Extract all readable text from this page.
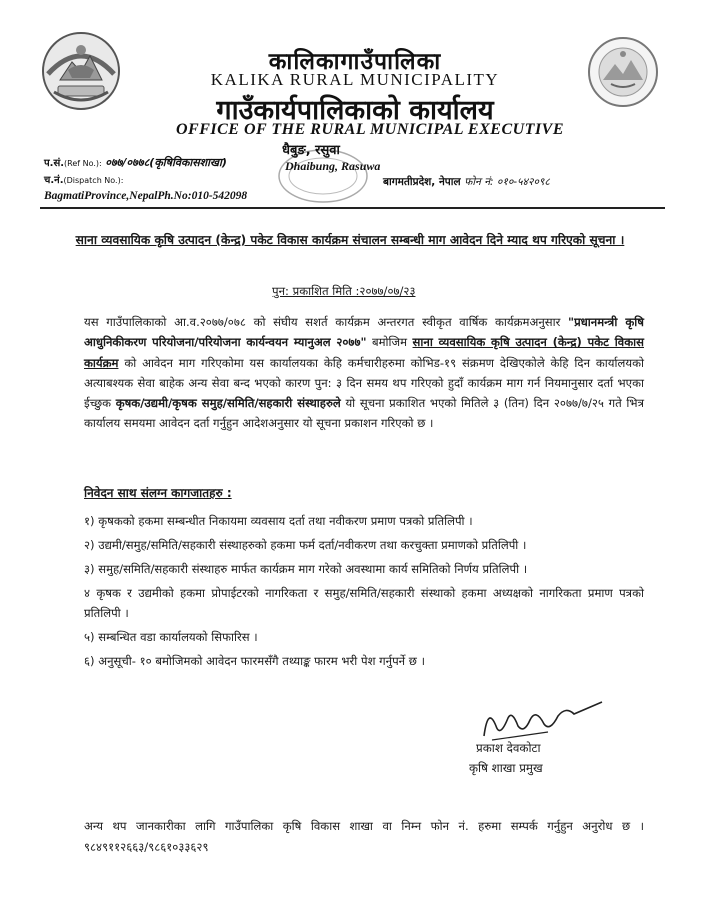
कालिकागाउँपालिका
KALIKA RURAL MUNICIPALITY
गाउँकार्यपालिकाको कार्यालय
OFFICE OF THE RURAL MUNICIPAL EXECUTIVE
धैबुङ, रसुवा
Dhaibung, Rasuwa
प.सं.(Ref No.): ०७७/०७७८(कृषिविकासशाखा)
च.नं.(Dispatch No.):	बागमतीप्रदेश, नेपाल फोन नं: ०१०-५४२०९८
BagmatiProvince,NepalPh.No:010-542098
साना व्यवसायिक कृषि उत्पादन (केन्द्र) पकेट विकास कार्यक्रम संचालन सम्बन्धी माग आवेदन दिने म्याद थप गरिएको सूचना ।
पुन: प्रकाशित मिति :२०७७/०७/२३
यस गाउँपालिकाको आ.व.२०७७/०७८ को संघीय सशर्त कार्यक्रम अन्तरगत स्वीकृत वार्षिक कार्यक्रमअनुसार "प्रधानमन्त्री कृषि आधुनिकीकरण परियोजना/परियोजना कार्यन्वयन म्यानुअल २०७७" बमोजिम साना व्यवसायिक कृषि उत्पादन (केन्द्र) पकेट विकास कार्यक्रम को आवेदन माग गरिएकोमा यस कार्यालयका केहि कर्मचारीहरुमा कोभिड-१९ संक्रमण देखिएकोले केहि दिन कार्यालयको अत्याबश्यक सेवा बाहेक अन्य सेवा बन्द भएको कारण पुन: ३ दिन समय थप गरिएको हुदाँ कार्यक्रम माग गर्न नियमानुसार दर्ता भएका ईच्छुक कृषक/उद्यमी/कृषक समुह/समिति/सहकारी संस्थाहरुले यो सूचना प्रकाशित भएको मितिले ३ (तिन) दिन २०७७/७/२५ गते भित्र कार्यालय समयमा आवेदन दर्ता गर्नुहुन आदेशअनुसार यो सूचना प्रकाशन गरिएको छ ।
निवेदन साथ संलग्न कागजातहरु :
१) कृषकको हकमा सम्बन्धीत निकायमा व्यवसाय दर्ता तथा नवीकरण प्रमाण पत्रको प्रतिलिपी ।
२) उद्यमी/समुह/समिति/सहकारी संस्थाहरुको हकमा फर्म दर्ता/नवीकरण तथा करचुक्ता प्रमाणको प्रतिलिपी ।
३) समुह/समिति/सहकारी संस्थाहरु मार्फत कार्यक्रम माग गरेको अवस्थामा कार्य समितिको निर्णय प्रतिलिपी ।
४ कृषक र उद्यमीको हकमा प्रोपाईटरको नागरिकता र समुह/समिति/सहकारी संस्थाको हकमा अध्यक्षको नागरिकता प्रमाण पत्रको प्रतिलिपी ।
५) सम्बन्धित वडा कार्यालयको सिफारिस ।
६) अनुसूची- १० बमोजिमको आवेदन फारमसँगै तथ्याङ्क फारम भरी पेश गर्नुपर्ने छ ।
प्रकाश देवकोटा
कृषि शाखा प्रमुख
अन्य थप जानकारीका लागि गाउँपालिका कृषि विकास शाखा वा निम्न फोन नं. हरुमा सम्पर्क गर्नुहुन अनुरोध छ ।९८४९११२६६३/९८६१०३३६२९
